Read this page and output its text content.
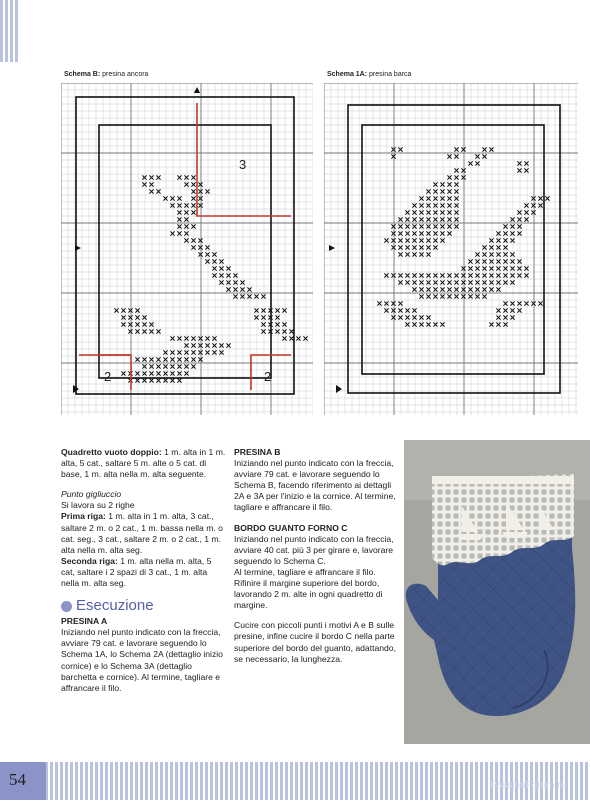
Schema B: presina ancora
3
2	2
Schema 1A: presina barca

Quadretto vuoto doppio: 1 m. alta in 1 m. alta, 5 cat., saltare 5 m. alte o 5 cat. di base, 1 m. alta nella m. alta seguente.

Punto gigliuccio
Si lavora su 2 righe
Prima riga: 1 m. alta in 1 m. alta, 3 cat., saltare 2 m. o 2 cat., 1 m. bassa nella m. o cat. seg., 3 cat., saltare 2 m. o 2 cat., 1 m. alta nella m. alta seg.
Seconda riga: 1 m. alta nella m. alta, 5 cat, saltare i 2 spazi di 3 cat., 1 m. alta nella m. alta seg.

Esecuzione
PRESINA A
Iniziando nel punto indicato con la freccia, avviare 79 cat. e lavorare seguendo lo Schema 1A, lo Schema 2A (dettaglio inizio cornice) e lo Schema 3A (dettaglio barchetta e cornice). Al termine, tagliare e affrancare il filo.
PRESINA B

Iniziando nel punto indicato con la freccia, avviare 79 cat. e lavorare seguendo lo Schema B, facendo riferimento ai dettagli 2A e 3A per l'inizio e la cornice. Al termine, tagliare e affrancare il filo.

BORDO GUANTO FORNO C
Iniziando nel punto indicato con la freccia, avviare 40 cat. più 3 per girare e, lavorare seguendo lo Schema C.
Al termine, tagliare e affrancare il filo.

Rifinire il margine superiore del bordo, lavorando 2 m. alte in ogni quadretto di margine.

Cucire con piccoli punti i motivi A e B sulle presine, infine cucire il bordo C nella parte superiore del bordo del guanto, adattando, se necessario, la lunghezza.
54	PassionForum.ru
